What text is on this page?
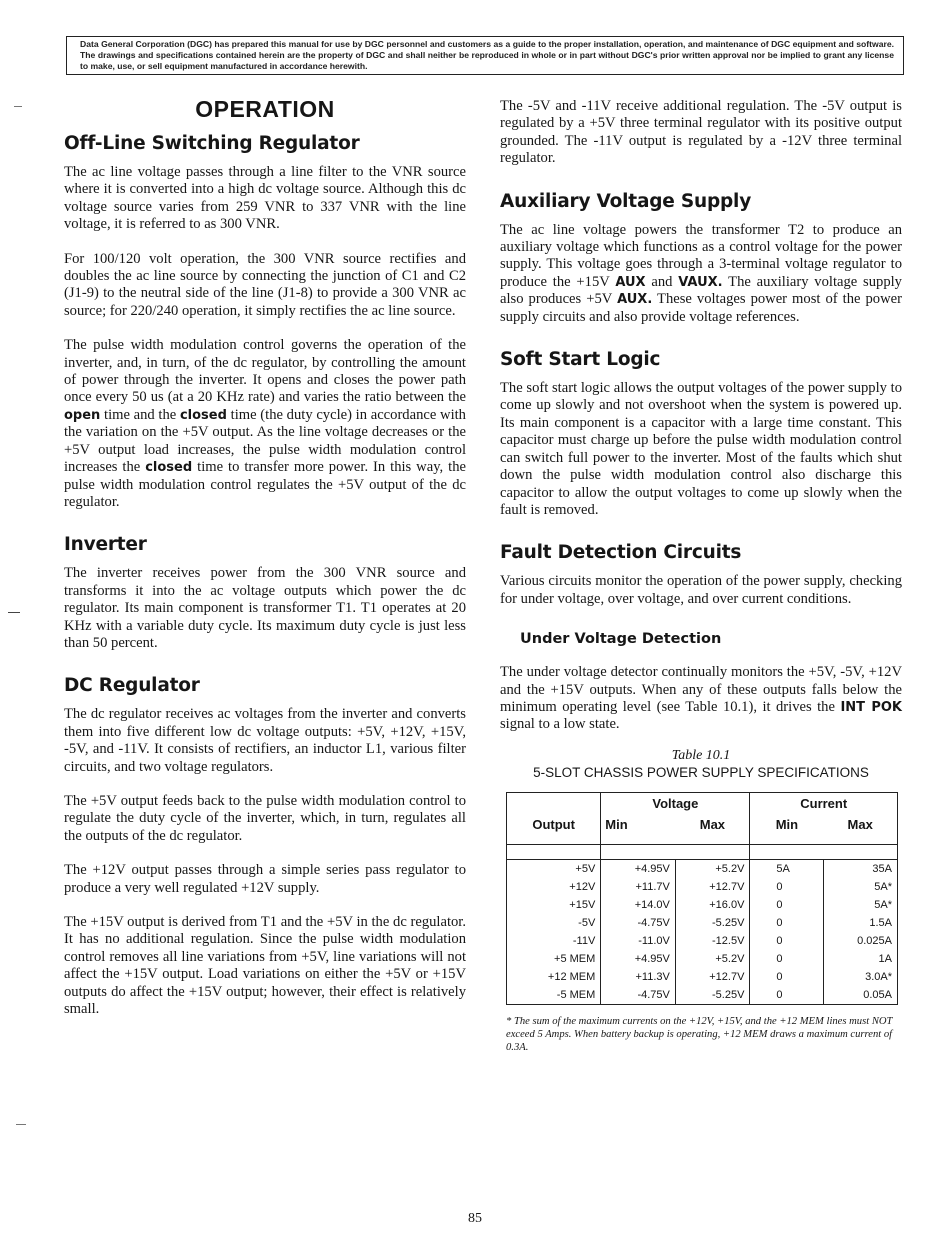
Data General Corporation (DGC) has prepared this manual for use by DGC personnel and customers as a guide to the proper installation, operation, and maintenance of DGC equipment and software. The drawings and specifications contained herein are the property of DGC and shall neither be reproduced in whole or in part without DGC's prior written approval nor be implied to grant any license to make, use, or sell equipment manufactured in accordance herewith.
OPERATION
Off-Line Switching Regulator

The ac line voltage passes through a line filter to the VNR source where it is converted into a high dc voltage source. Although this dc voltage source varies from 259 VNR to 337 VNR with the line voltage, it is referred to as 300 VNR.

For 100/120 volt operation, the 300 VNR source rectifies and doubles the ac line source by connecting the junction of C1 and C2 (J1-9) to the neutral side of the line (J1-8) to provide a 300 VNR ac source; for 220/240 operation, it simply rectifies the ac line source.

The pulse width modulation control governs the operation of the inverter, and, in turn, of the dc regulator, by controlling the amount of power through the inverter. It opens and closes the power path once every 50 us (at a 20 KHz rate) and varies the ratio between the open time and the closed time (the duty cycle) in accordance with the variation on the +5V output. As the line voltage decreases or the +5V output load increases, the pulse width modulation control increases the closed time to transfer more power. In this way, the pulse width modulation control regulates the +5V output of the dc regulator.

Inverter

The inverter receives power from the 300 VNR source and transforms it into the ac voltage outputs which power the dc regulator. Its main component is transformer T1. T1 operates at 20 KHz with a variable duty cycle. Its maximum duty cycle is just less than 50 percent.

DC Regulator

The dc regulator receives ac voltages from the inverter and converts them into five different low dc voltage outputs: +5V, +12V, +15V, -5V, and -11V. It consists of rectifiers, an inductor L1, various filter circuits, and two voltage regulators.

The +5V output feeds back to the pulse width modulation control to regulate the duty cycle of the inverter, which, in turn, regulates all the outputs of the dc regulator.

The +12V output passes through a simple series pass regulator to produce a very well regulated +12V supply.

The +15V output is derived from T1 and the +5V in the dc regulator. It has no additional regulation. Since the pulse width modulation control removes all line variations from +5V, line variations will not affect the +15V output. Load variations on either the +5V or +15V outputs do affect the +15V output; however, their effect is relatively small.

The -5V and -11V receive additional regulation. The -5V output is regulated by a +5V three terminal regulator with its positive output grounded. The -11V output is regulated by a -12V three terminal regulator.

Auxiliary Voltage Supply

The ac line voltage powers the transformer T2 to produce an auxiliary voltage which functions as a control voltage for the power supply. This voltage goes through a 3-terminal voltage regulator to produce the +15V AUX and VAUX. The auxiliary voltage supply also produces +5V AUX. These voltages power most of the power supply circuits and also provide voltage references.

Soft Start Logic

The soft start logic allows the output voltages of the power supply to come up slowly and not overshoot when the system is powered up. Its main component is a capacitor with a large time constant. This capacitor must charge up before the pulse width modulation control can switch full power to the inverter. Most of the faults which shut down the pulse width modulation control also discharge this capacitor to allow the output voltages to come up slowly when the fault is removed.

Fault Detection Circuits

Various circuits monitor the operation of the power supply, checking for under voltage, over voltage, and over current conditions.

Under Voltage Detection

The under voltage detector continually monitors the +5V, -5V, +12V and the +15V outputs. When any of these outputs falls below the minimum operating level (see Table 10.1), it drives the INT POK signal to a low state.

Table 10.1
5-SLOT CHASSIS POWER SUPPLY SPECIFICATIONS
	Voltage		Current	
Output	Min	Max	Min	Max

+5V	+4.95V	+5.2V	5A	35A
+12V	+11.7V	+12.7V	0	5A*
+15V	+14.0V	+16.0V	0	5A*
-5V	-4.75V	-5.25V	0	1.5A
-11V	-11.0V	-12.5V	0	0.025A
+5 MEM	+4.95V	+5.2V	0	1A
+12 MEM	+11.3V	+12.7V	0	3.0A*
-5 MEM	-4.75V	-5.25V	0	0.05A
* The sum of the maximum currents on the +12V, +15V, and the +12 MEM lines must NOT exceed 5 Amps. When battery backup is operating, +12 MEM draws a maximum current of 0.3A.
85
